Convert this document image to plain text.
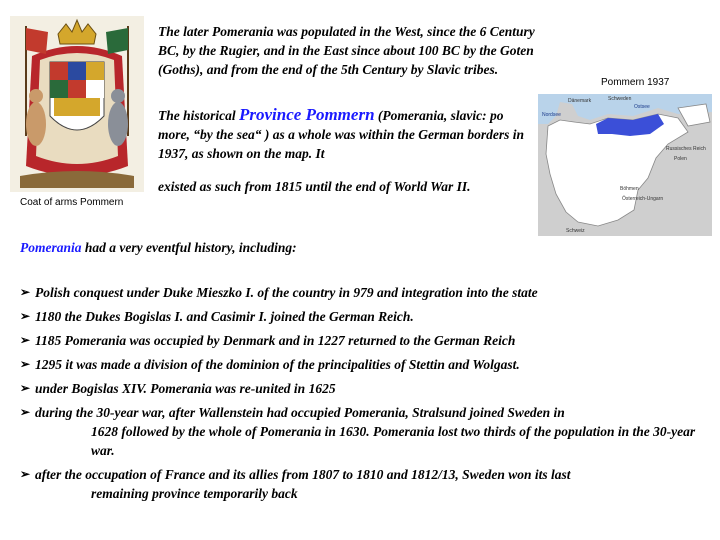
Coat of arms Pommern
The later Pomerania was populated in the West, since the 6 Century BC, by the Rugier, and in the East since about 100 BC by the Goten (Goths), and from the end of the 5th Century by Slavic tribes.
The historical Province Pommern (Pomerania, slavic: po more, “by the sea“ ) as a whole was within the German borders in 1937, as shown on the map. It
existed as such from 1815 until the end of World War II.
Pommern 1937
Nordsee
Dänemark	Schweden
Ostsee
Russisches Reich
Polen
Böhmen
Österreich-Ungarn
Schweiz
Pomerania had a very eventful history, including:
➢ Polish conquest under Duke Mieszko I. of the country in 979 and integration into the state
➢ 1180 the Dukes Bogislas I. and Casimir I. joined the German Reich.
➢ 1185 Pomerania was occupied by Denmark and in 1227 returned to the German Reich
➢ 1295 it was made a division of the dominion of the principalities of Stettin and Wolgast.
➢ under Bogislas XIV. Pomerania was re-united in 1625
➢ during the 30-year war, after Wallenstein had occupied Pomerania, Stralsund joined Sweden in
1628 followed by the whole of Pomerania in 1630. Pomerania lost two thirds of the population in the 30-year war.
➢ after the occupation of France and its allies from 1807 to 1810 and 1812/13, Sweden won its last
remaining province temporarily back
